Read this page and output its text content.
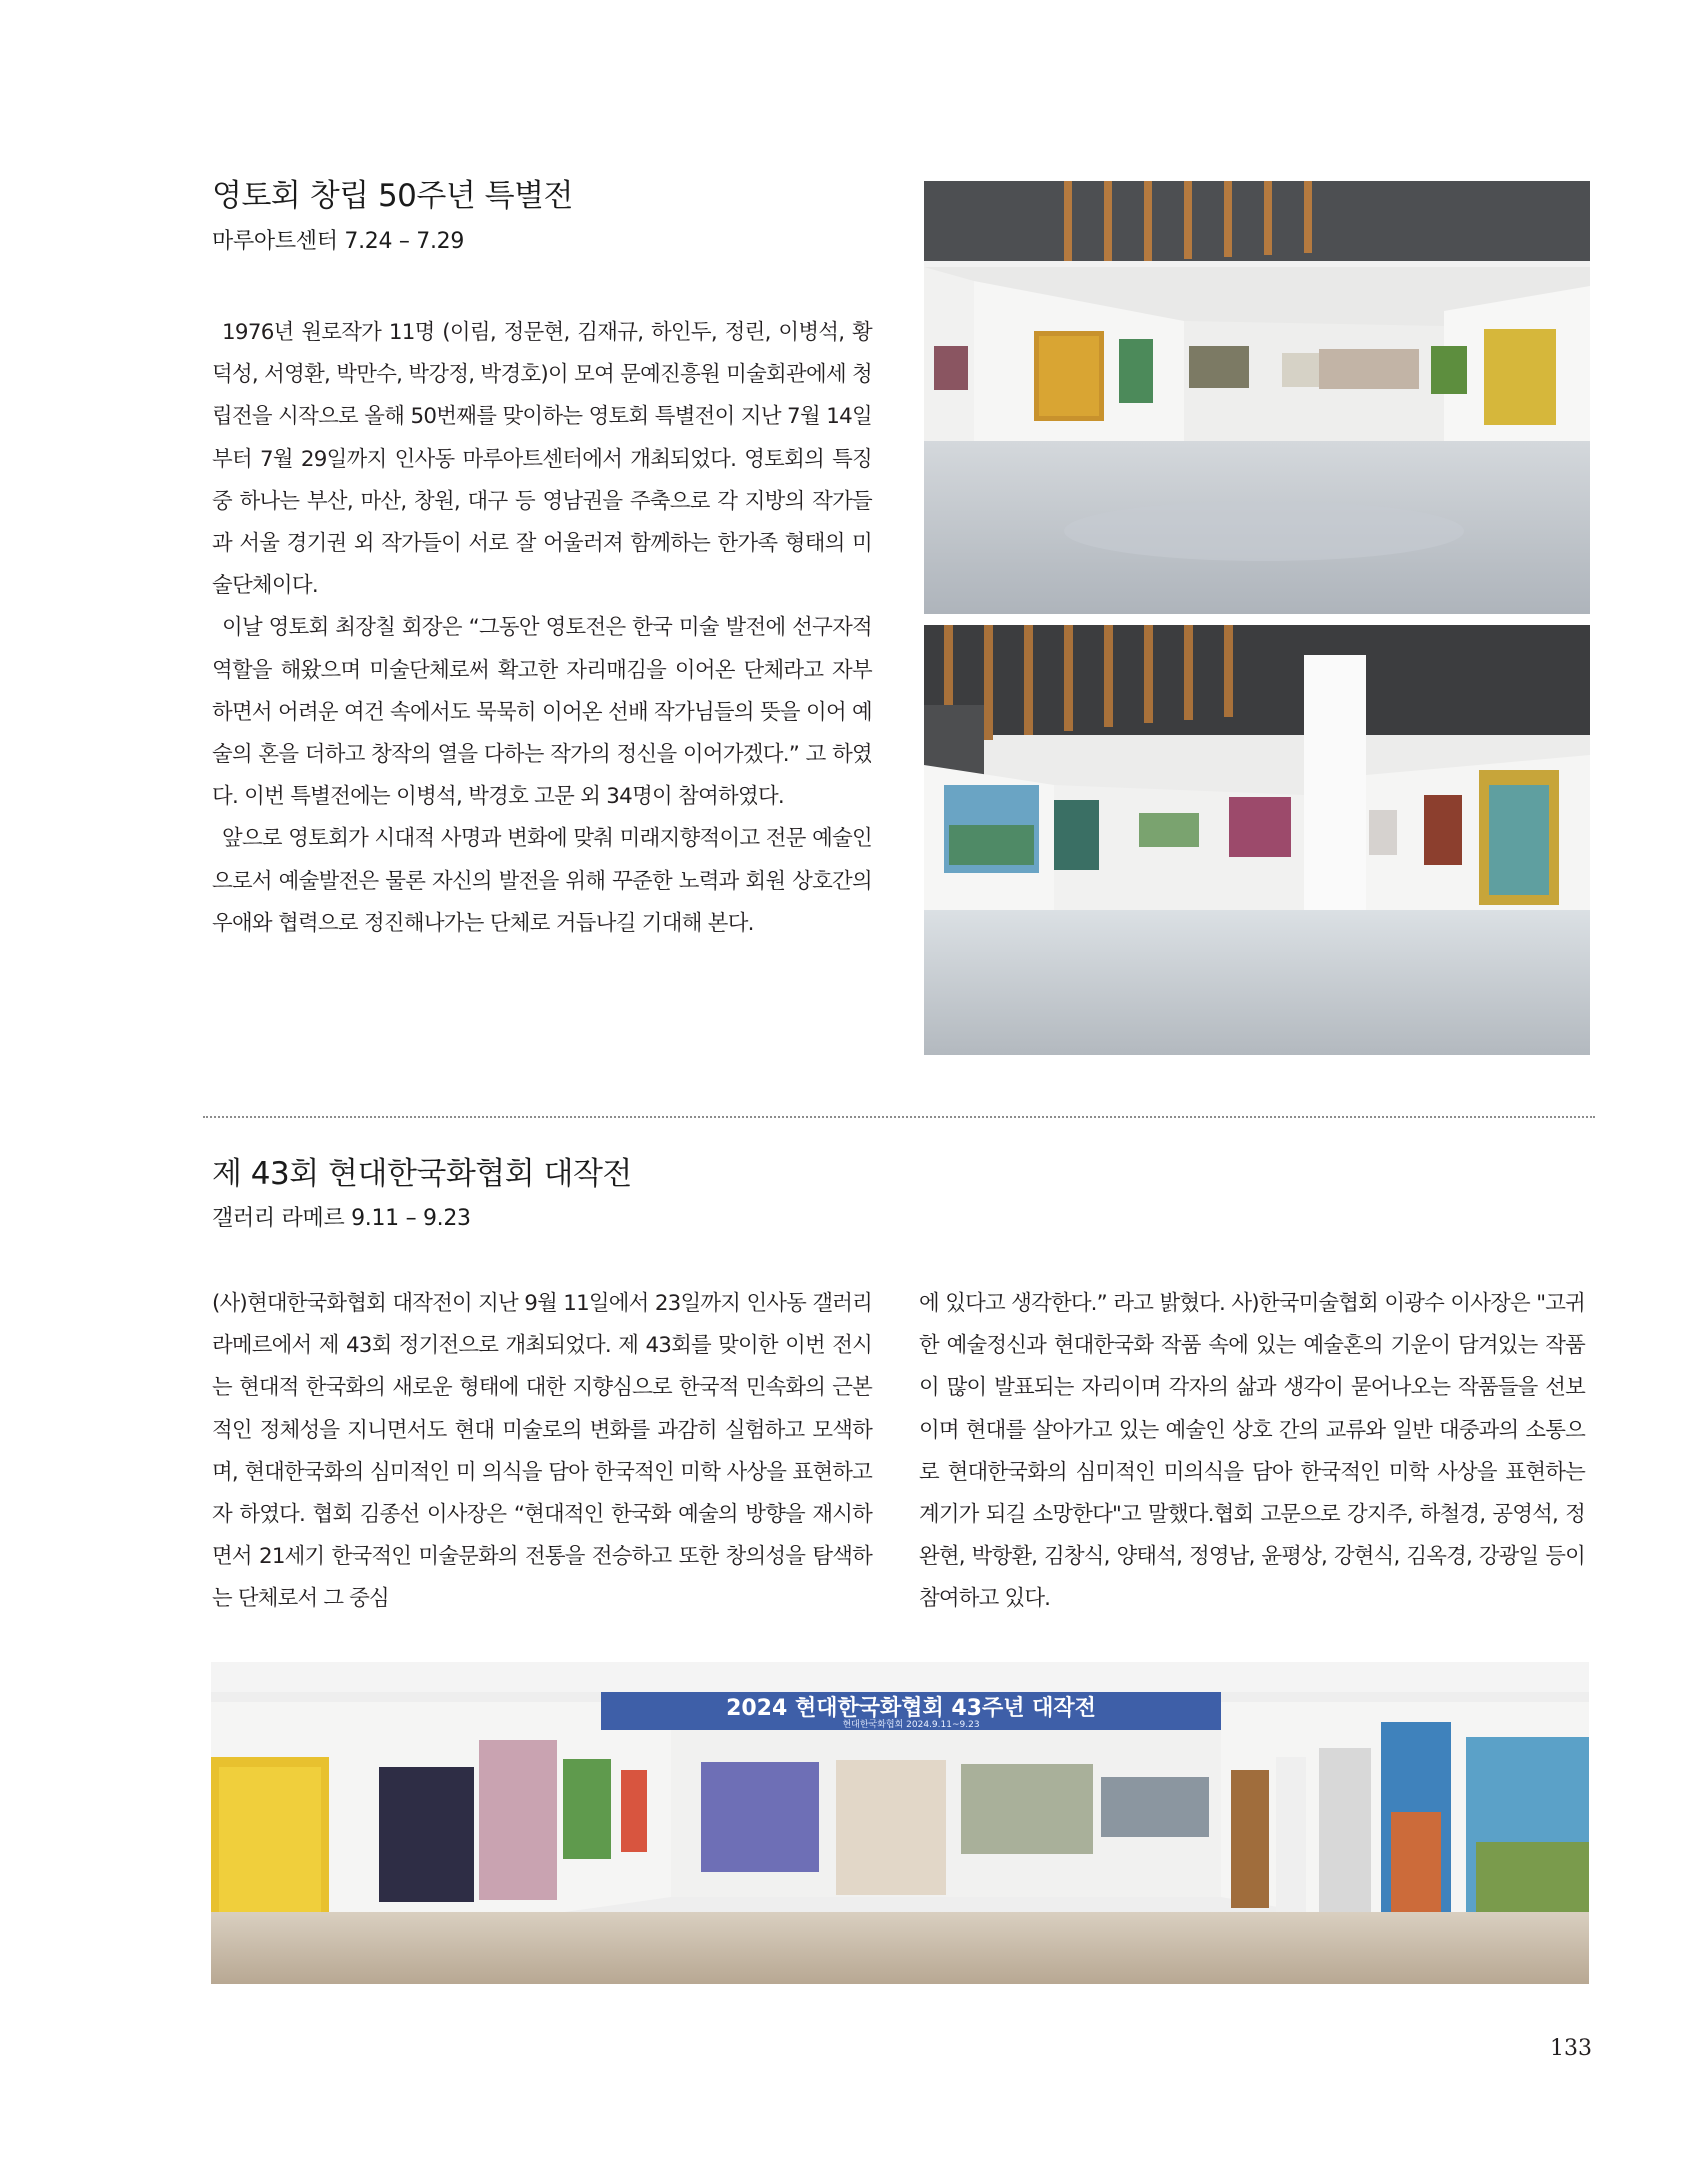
영토회 창립 50주년 특별전
마루아트센터 7.24 – 7.29

1976년 원로작가 11명 (이림, 정문현, 김재규, 하인두, 정린, 이병석, 황덕성, 서영환, 박만수, 박강정, 박경호)이 모여 문예진흥원 미술회관에세 청립전을 시작으로 올해 50번째를 맞이하는 영토회 특별전이 지난 7월 14일부터 7월 29일까지 인사동 마루아트센터에서 개최되었다. 영토회의 특징 중 하나는 부산, 마산, 창원, 대구 등 영남권을 주축으로 각 지방의 작가들과 서울 경기권 외 작가들이 서로 잘 어울러져 함께하는 한가족 형태의 미술단체이다.

이날 영토회 최장칠 회장은 “그동안 영토전은 한국 미술 발전에 선구자적 역할을 해왔으며 미술단체로써 확고한 자리매김을 이어온 단체라고 자부하면서 어려운 여건 속에서도 묵묵히 이어온 선배 작가님들의 뜻을 이어 예술의 혼을 더하고 창작의 열을 다하는 작가의 정신을 이어가겠다.” 고 하였다. 이번 특별전에는 이병석, 박경호 고문 외 34명이 참여하였다.

앞으로 영토회가 시대적 사명과 변화에 맞춰 미래지향적이고 전문 예술인으로서 예술발전은 물론 자신의 발전을 위해 꾸준한 노력과 회원 상호간의 우애와 협력으로 정진해나가는 단체로 거듭나길 기대해 본다.

제 43회 현대한국화협회 대작전
갤러리 라메르 9.11 – 9.23

(사)현대한국화협회 대작전이 지난 9월 11일에서 23일까지 인사동 갤러리 라메르에서 제 43회 정기전으로 개최되었다. 제 43회를 맞이한 이번 전시는 현대적 한국화의 새로운 형태에 대한 지향심으로 한국적 민속화의 근본적인 정체성을 지니면서도 현대 미술로의 변화를 과감히 실험하고 모색하며, 현대한국화의 심미적인 미 의식을 담아 한국적인 미학 사상을 표현하고자 하였다. 협회 김종선 이사장은 “현대적인 한국화 예술의 방향을 재시하면서 21세기 한국적인 미술문화의 전통을 전승하고 또한 창의성을 탐색하는 단체로서 그 중심

에 있다고 생각한다.” 라고 밝혔다. 사)한국미술협회 이광수 이사장은 "고귀한 예술정신과 현대한국화 작품 속에 있는 예술혼의 기운이 담겨있는 작품이 많이 발표되는 자리이며 각자의 삶과 생각이 묻어나오는 작품들을 선보이며 현대를 살아가고 있는 예술인 상호 간의 교류와 일반 대중과의 소통으로 현대한국화의 심미적인 미의식을 담아 한국적인 미학 사상을 표현하는 계기가 되길 소망한다"고 말했다.협회 고문으로 강지주, 하철경, 공영석, 정완현, 박항환, 김창식, 양태석, 정영남, 윤평상, 강현식, 김옥경, 강광일 등이 참여하고 있다.

2024 현대한국화협회 43주년 대작전
현대한국화협회 2024.9.11~9.23
133
